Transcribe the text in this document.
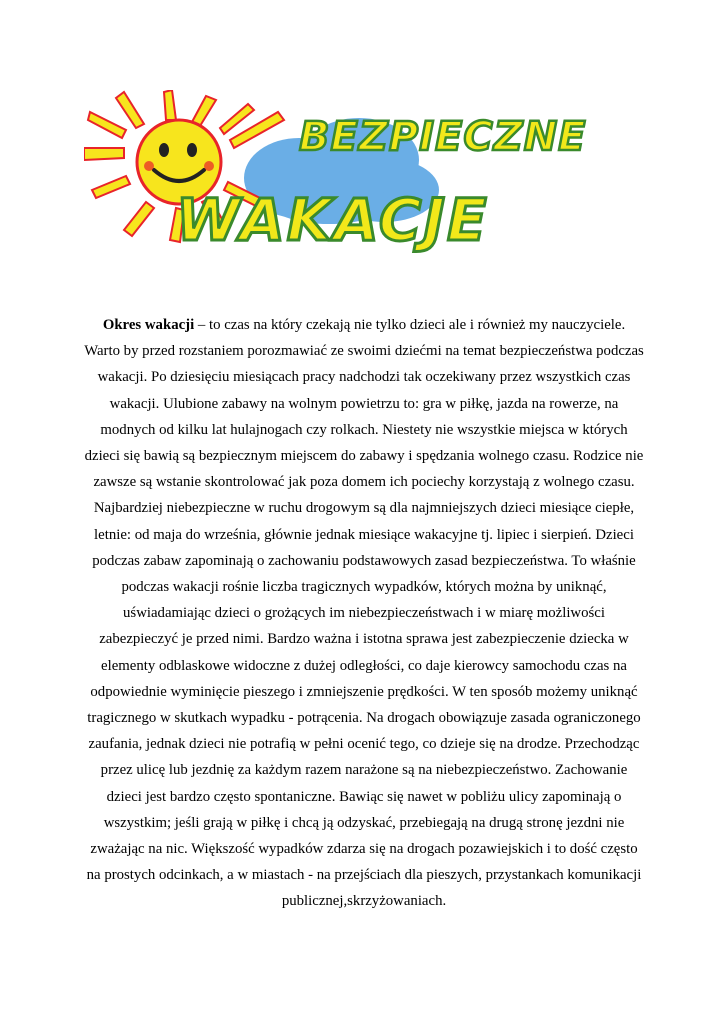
BEZPIECZNE
WAKACJE
Okres wakacji – to czas na który czekają nie tylko dzieci ale i również my nauczyciele. Warto by przed rozstaniem porozmawiać ze swoimi dziećmi na temat bezpieczeństwa podczas wakacji. Po dziesięciu miesiącach pracy nadchodzi tak oczekiwany przez wszystkich czas wakacji. Ulubione zabawy na wolnym powietrzu to: gra w piłkę, jazda na rowerze, na modnych od kilku lat hulajnogach czy rolkach. Niestety nie wszystkie miejsca w których dzieci się bawią są bezpiecznym miejscem do zabawy i spędzania wolnego czasu. Rodzice nie zawsze są wstanie skontrolować jak poza domem ich pociechy korzystają z wolnego czasu. Najbardziej niebezpieczne w ruchu drogowym są dla najmniejszych dzieci miesiące ciepłe, letnie: od maja do września, głównie jednak miesiące wakacyjne tj. lipiec i sierpień. Dzieci podczas zabaw zapominają o zachowaniu podstawowych zasad bezpieczeństwa. To właśnie podczas wakacji rośnie liczba tragicznych wypadków, których można by uniknąć, uświadamiając dzieci o grożących im niebezpieczeństwach i w miarę możliwości zabezpieczyć je przed nimi. Bardzo ważna i istotna sprawa jest zabezpieczenie dziecka w elementy odblaskowe widoczne z dużej odległości, co daje kierowcy samochodu czas na odpowiednie wyminięcie pieszego i zmniejszenie prędkości. W ten sposób możemy uniknąć tragicznego w skutkach wypadku - potrącenia. Na drogach obowiązuje zasada ograniczonego zaufania, jednak dzieci nie potrafią w pełni ocenić tego, co dzieje się na drodze. Przechodząc przez ulicę lub jezdnię za każdym razem narażone są na niebezpieczeństwo. Zachowanie dzieci jest bardzo często spontaniczne. Bawiąc się nawet w pobliżu ulicy zapominają o wszystkim; jeśli grają w piłkę i chcą ją odzyskać, przebiegają na drugą stronę jezdni nie zważając na nic. Większość wypadków zdarza się na drogach pozawiejskich i to dość często na prostych odcinkach, a w miastach - na przejściach dla pieszych, przystankach komunikacji publicznej,skrzyżowaniach.
